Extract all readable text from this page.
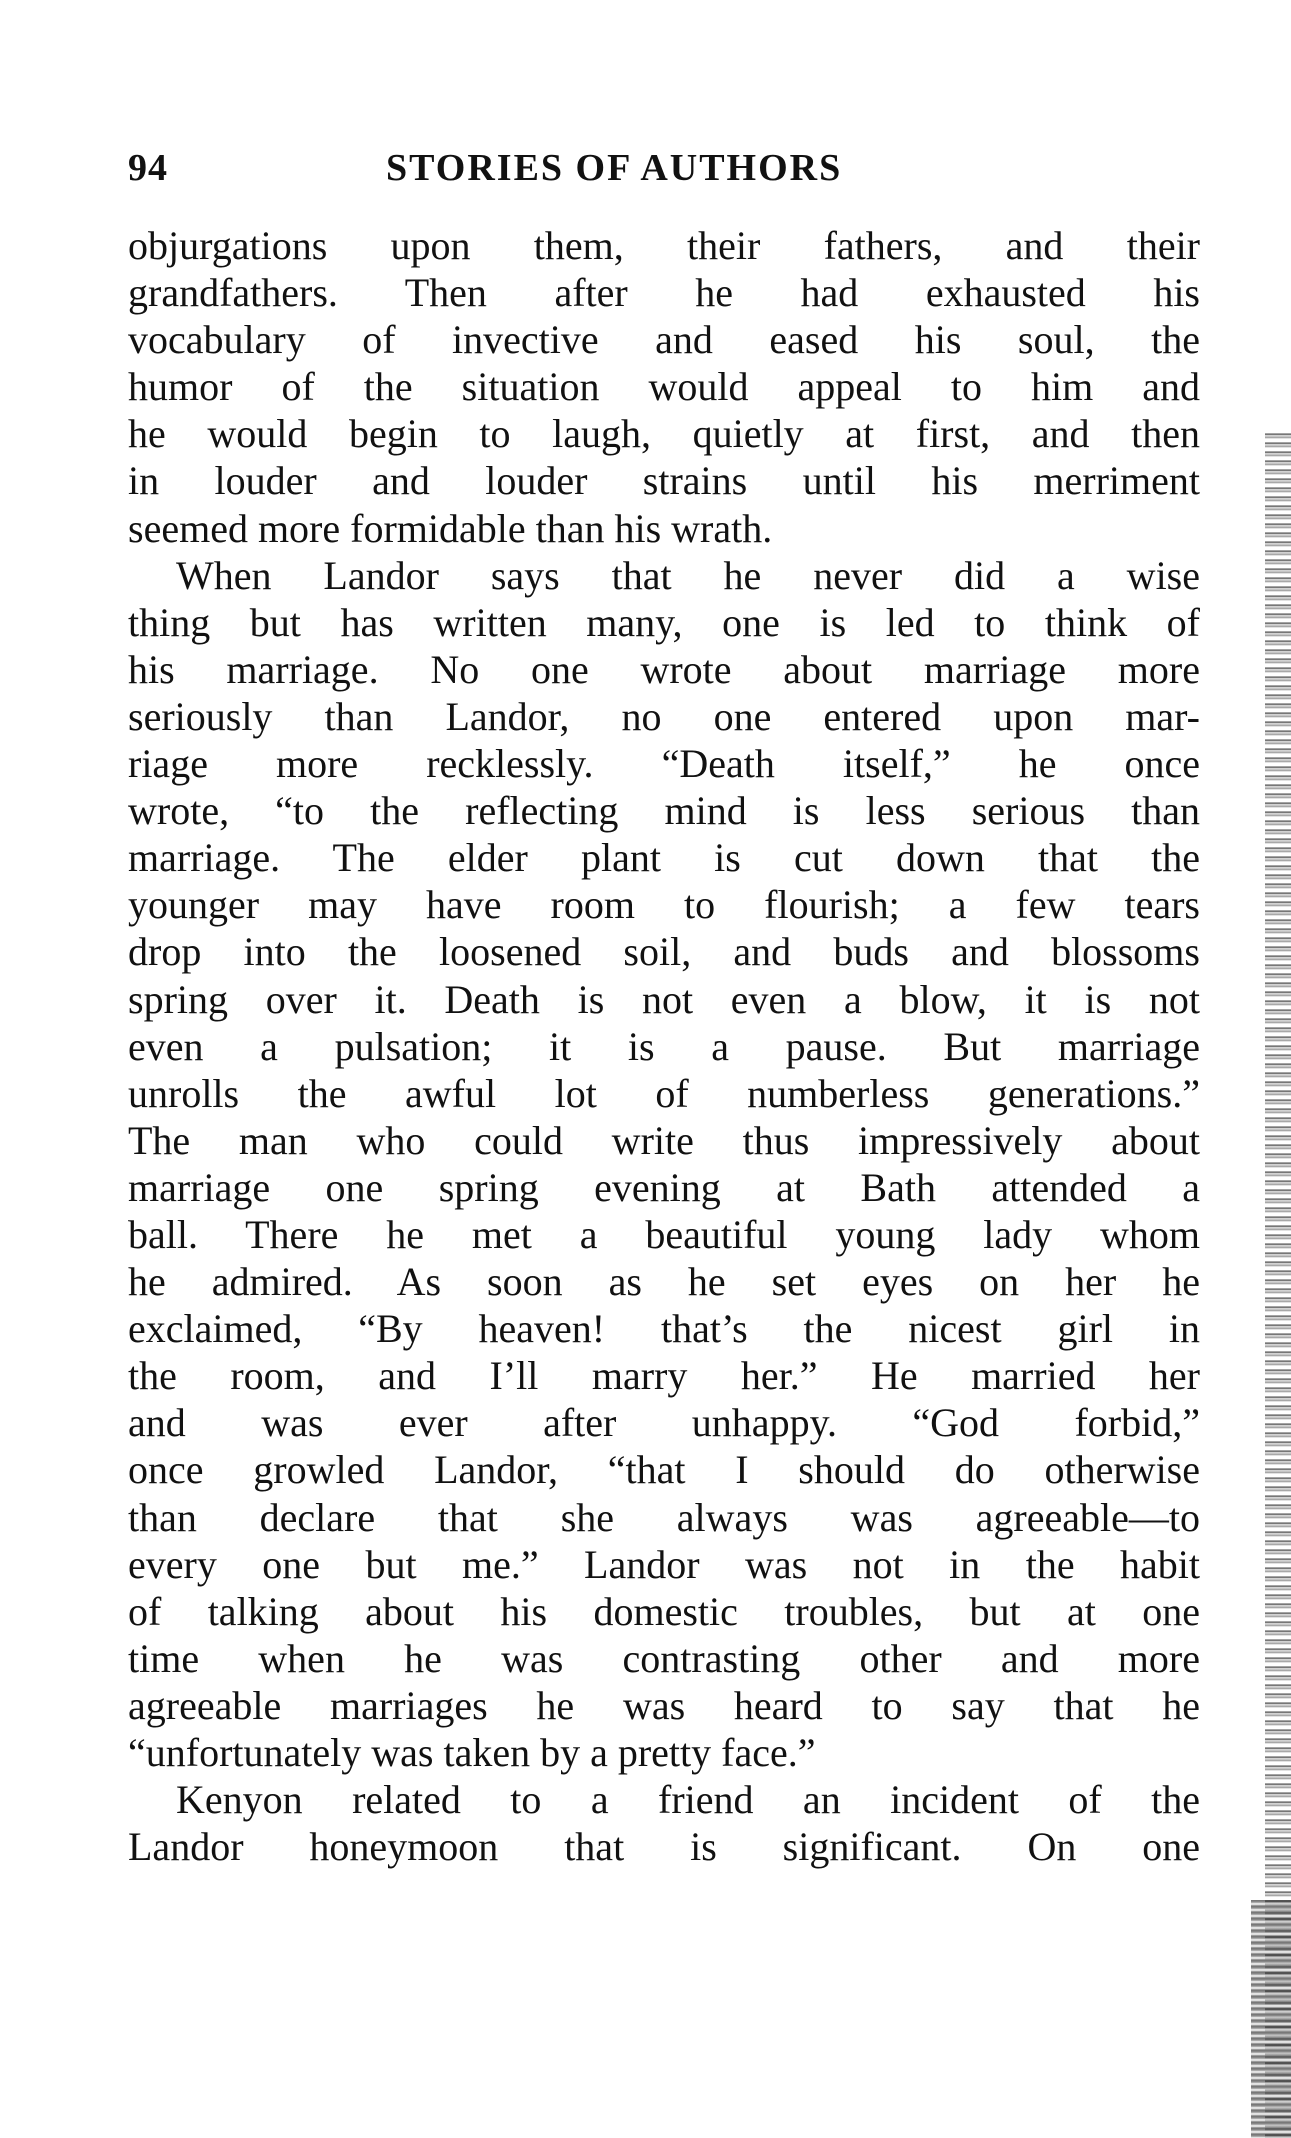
94	STORIES OF AUTHORS
objurgations upon them, their fathers, and their
grandfathers. Then after he had exhausted his
vocabulary of invective and eased his soul, the
humor of the situation would appeal to him and
he would begin to laugh, quietly at first, and then
in louder and louder strains until his merriment
seemed more formidable than his wrath.
When Landor says that he never did a wise
thing but has written many, one is led to think of
his marriage. No one wrote about marriage more
seriously than Landor, no one entered upon mar-
riage more recklessly. “Death itself,” he once
wrote, “to the reflecting mind is less serious than
marriage. The elder plant is cut down that the
younger may have room to flourish; a few tears
drop into the loosened soil, and buds and blossoms
spring over it. Death is not even a blow, it is not
even a pulsation; it is a pause. But marriage
unrolls the awful lot of numberless generations.”
The man who could write thus impressively about
marriage one spring evening at Bath attended a
ball. There he met a beautiful young lady whom
he admired. As soon as he set eyes on her he
exclaimed, “By heaven! that’s the nicest girl in
the room, and I’ll marry her.” He married her
and was ever after unhappy. “God forbid,”
once growled Landor, “that I should do otherwise
than declare that she always was agreeable—to
every one but me.” Landor was not in the habit
of talking about his domestic troubles, but at one
time when he was contrasting other and more
agreeable marriages he was heard to say that he
“unfortunately was taken by a pretty face.”
Kenyon related to a friend an incident of the
Landor honeymoon that is significant. On one
